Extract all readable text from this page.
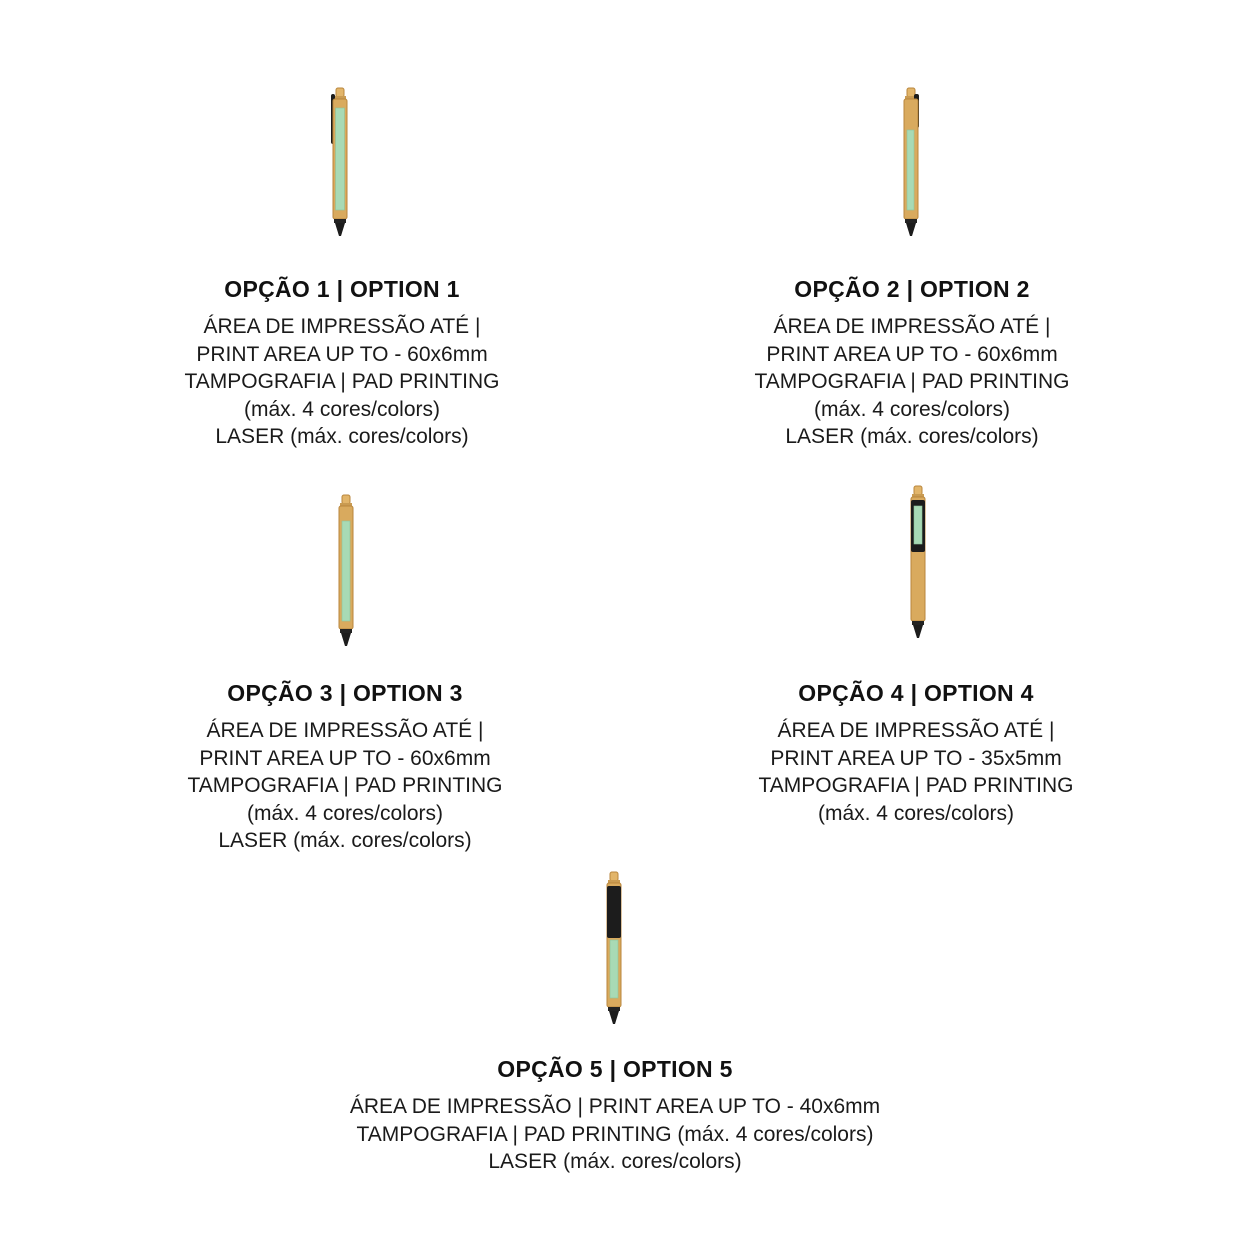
OPÇÃO 1 | OPTION 1
ÁREA DE IMPRESSÃO ATÉ |
PRINT AREA UP TO - 60x6mm
TAMPOGRAFIA | PAD PRINTING
(máx. 4 cores/colors)
LASER (máx. cores/colors)
OPÇÃO 2 | OPTION 2
ÁREA DE IMPRESSÃO ATÉ |
PRINT AREA UP TO - 60x6mm
TAMPOGRAFIA | PAD PRINTING
(máx. 4 cores/colors)
LASER (máx. cores/colors)
OPÇÃO 3 | OPTION 3
ÁREA DE IMPRESSÃO ATÉ |
PRINT AREA UP TO - 60x6mm
TAMPOGRAFIA | PAD PRINTING
(máx. 4 cores/colors)
LASER (máx. cores/colors)
OPÇÃO 4 | OPTION 4
ÁREA DE IMPRESSÃO ATÉ |
PRINT AREA UP TO - 35x5mm
TAMPOGRAFIA | PAD PRINTING
(máx. 4 cores/colors)
OPÇÃO 5 | OPTION 5
ÁREA DE IMPRESSÃO | PRINT AREA UP TO - 40x6mm
TAMPOGRAFIA | PAD PRINTING (máx. 4 cores/colors)
LASER (máx. cores/colors)
